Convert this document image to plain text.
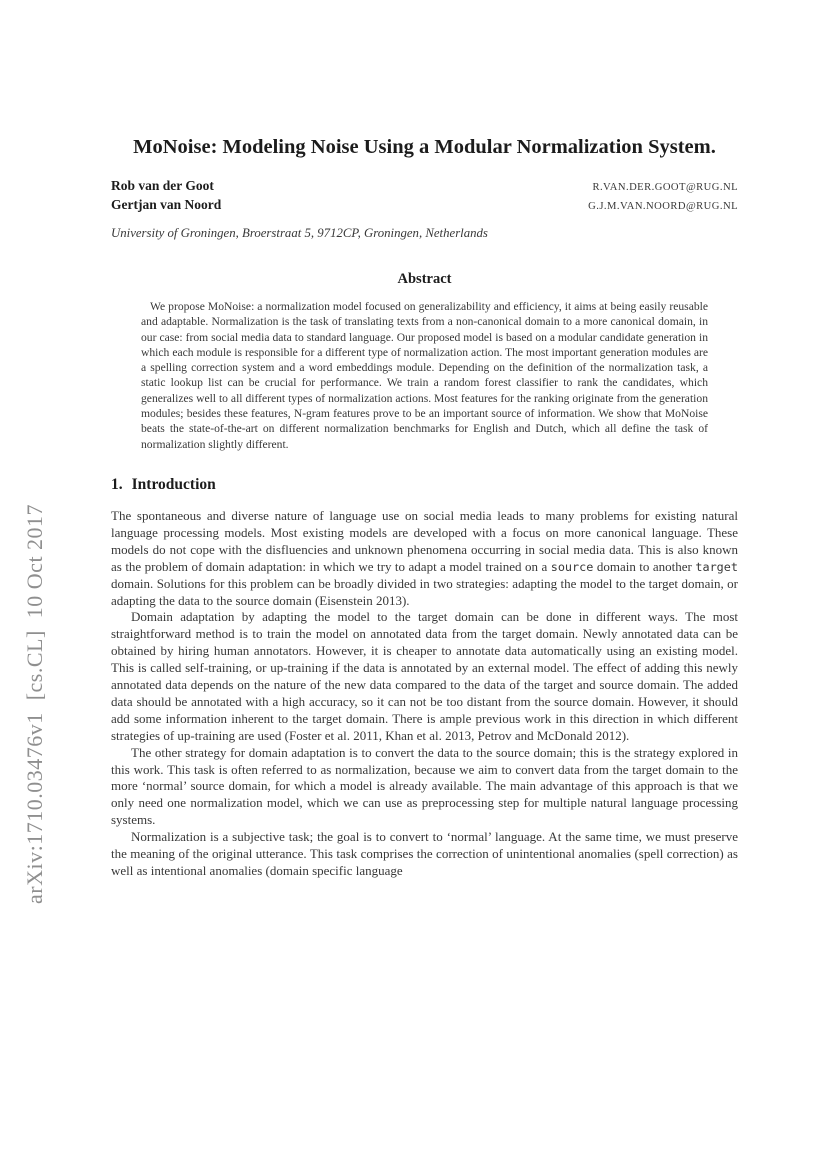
arXiv:1710.03476v1  [cs.CL]  10 Oct 2017
MoNoise: Modeling Noise Using a Modular Normalization System.
Rob van der Goot	R.VAN.DER.GOOT@RUG.NL
Gertjan van Noord	G.J.M.VAN.NOORD@RUG.NL
University of Groningen, Broerstraat 5, 9712CP, Groningen, Netherlands
Abstract

We propose MoNoise: a normalization model focused on generalizability and efficiency, it aims at being easily reusable and adaptable. Normalization is the task of translating texts from a non-canonical domain to a more canonical domain, in our case: from social media data to standard language. Our proposed model is based on a modular candidate generation in which each module is responsible for a different type of normalization action. The most important generation modules are a spelling correction system and a word embeddings module. Depending on the definition of the normalization task, a static lookup list can be crucial for performance. We train a random forest classifier to rank the candidates, which generalizes well to all different types of normalization actions. Most features for the ranking originate from the generation modules; besides these features, N-gram features prove to be an important source of information. We show that MoNoise beats the state-of-the-art on different normalization benchmarks for English and Dutch, which all define the task of normalization slightly different.

1. Introduction

The spontaneous and diverse nature of language use on social media leads to many problems for existing natural language processing models. Most existing models are developed with a focus on more canonical language. These models do not cope with the disfluencies and unknown phenomena occurring in social media data. This is also known as the problem of domain adaptation: in which we try to adapt a model trained on a source domain to another target domain. Solutions for this problem can be broadly divided in two strategies: adapting the model to the target domain, or adapting the data to the source domain (Eisenstein 2013).

Domain adaptation by adapting the model to the target domain can be done in different ways. The most straightforward method is to train the model on annotated data from the target domain. Newly annotated data can be obtained by hiring human annotators. However, it is cheaper to annotate data automatically using an existing model. This is called self-training, or up-training if the data is annotated by an external model. The effect of adding this newly annotated data depends on the nature of the new data compared to the data of the target and source domain. The added data should be annotated with a high accuracy, so it can not be too distant from the source domain. However, it should add some information inherent to the target domain. There is ample previous work in this direction in which different strategies of up-training are used (Foster et al. 2011, Khan et al. 2013, Petrov and McDonald 2012).

The other strategy for domain adaptation is to convert the data to the source domain; this is the strategy explored in this work. This task is often referred to as normalization, because we aim to convert data from the target domain to the more ‘normal’ source domain, for which a model is already available. The main advantage of this approach is that we only need one normalization model, which we can use as preprocessing step for multiple natural language processing systems.

Normalization is a subjective task; the goal is to convert to ‘normal’ language. At the same time, we must preserve the meaning of the original utterance. This task comprises the correction of unintentional anomalies (spell correction) as well as intentional anomalies (domain specific language
